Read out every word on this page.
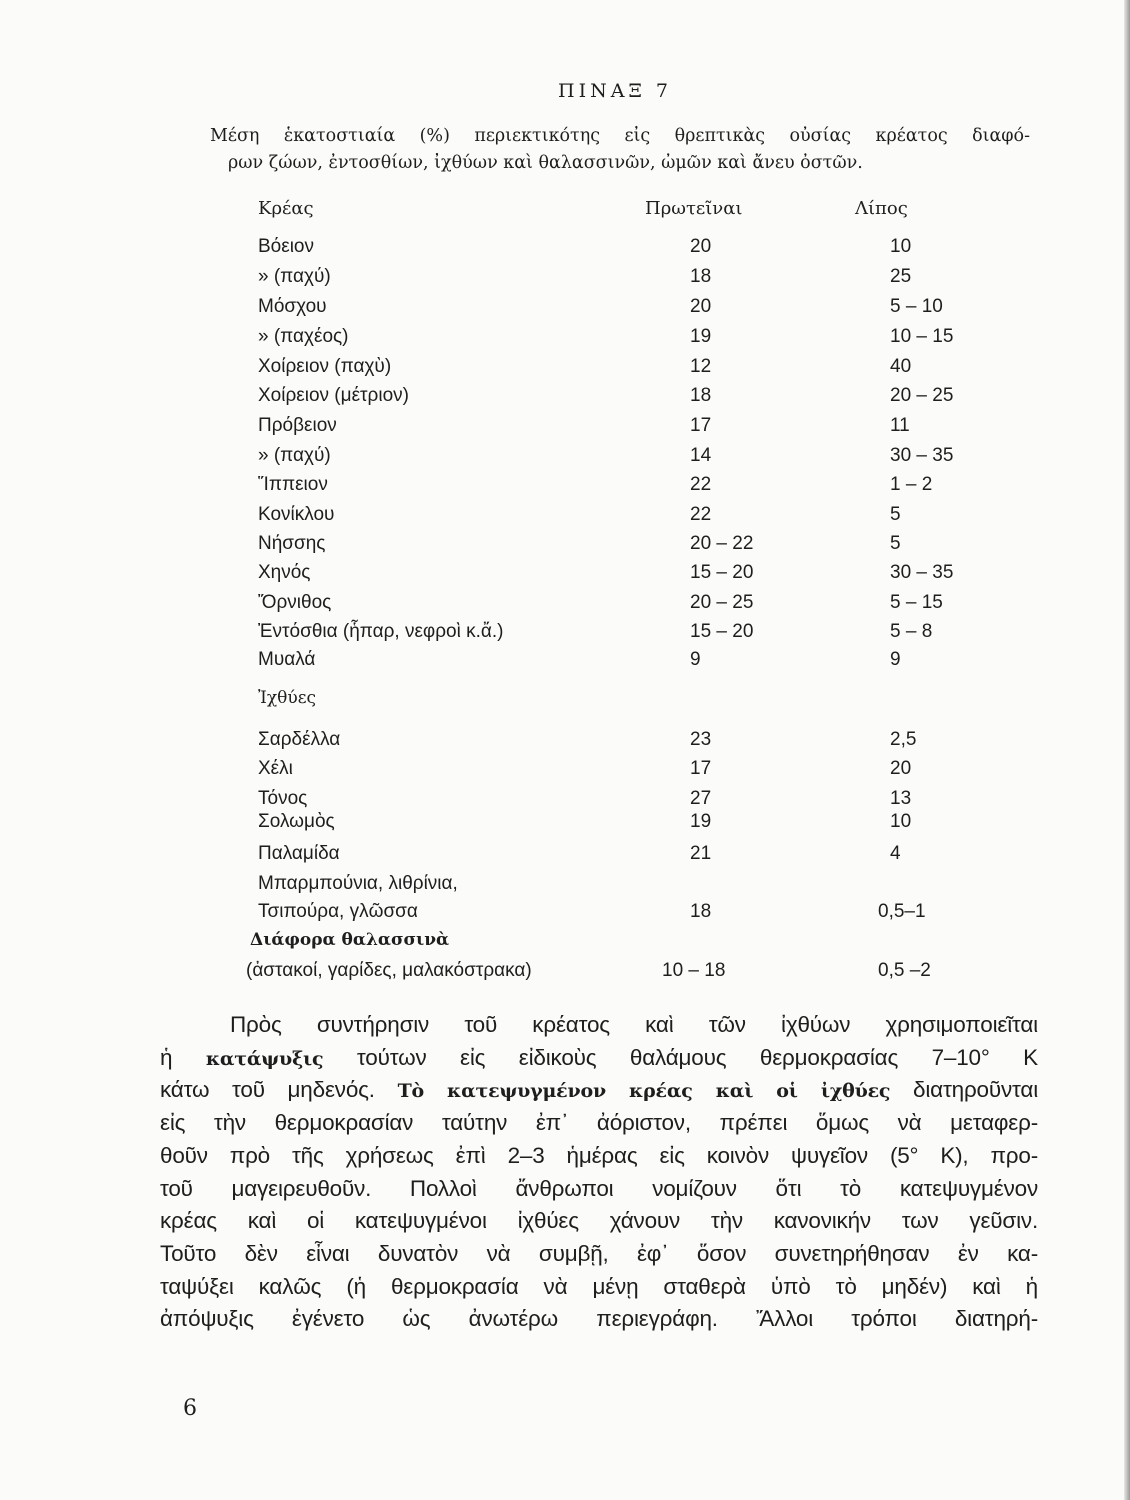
ΠΙΝΑΞ 7
Μέση ἑκατοστιαία (%) περιεκτικότης εἰς θρεπτικὰς οὐσίας κρέατος διαφό-
ρων ζώων, ἐντοσθίων, ἰχθύων καὶ θαλασσινῶν, ὠμῶν καὶ ἄνευ ὀστῶν.
Κρέας	Πρωτεῖναι	Λίπος
Βόειον	20	10
» (παχύ)	18	25
Μόσχου	20	5 – 10
» (παχέος)	19	10 – 15
Χοίρειον (παχὺ)	12	40
Χοίρειον (μέτριον)	18	20 – 25
Πρόβειον	17	11
» (παχύ)	14	30 – 35
Ἵππειον	22	1 – 2
Κονίκλου	22	5
Νήσσης	20 – 22	5
Χηνός	15 – 20	30 – 35
Ὄρνιθος	20 – 25	5 – 15
Ἐντόσθια (ἧπαρ, νεφροὶ κ.ἄ.)	15 – 20	5 – 8
Μυαλά	9	9
Ἰχθύες
Σαρδέλλα	23	2,5
Χέλι	17	20
Τόνος	27	13
Σολωμὸς	19	10
Παλαμίδα	21	4
Μπαρμπούνια, λιθρίνια,
Τσιπούρα, γλῶσσα	18	0,5–1
Διάφορα θαλασσινὰ
(ἀστακοί, γαρίδες, μαλακόστρακα)	10 – 18	0,5 –2
Πρὸς συντήρησιν τοῦ κρέατος καὶ τῶν ἰχθύων χρησιμοποιεῖται
ἡ κατάψυξις τούτων εἰς εἰδικοὺς θαλάμους θερμοκρασίας 7–10° Κ
κάτω τοῦ μηδενός. Τὸ κατεψυγμένον κρέας καὶ οἱ ἰχθύες διατηροῦνται
εἰς τὴν θερμοκρασίαν ταύτην ἐπ᾽ ἀόριστον, πρέπει ὅμως νὰ μεταφερ-
θοῦν πρὸ τῆς χρήσεως ἐπὶ 2–3 ἡμέρας εἰς κοινὸν ψυγεῖον (5° Κ), προ-
τοῦ μαγειρευθοῦν. Πολλοὶ ἄνθρωποι νομίζουν ὅτι τὸ κατεψυγμένον
κρέας καὶ οἱ κατεψυγμένοι ἰχθύες χάνουν τὴν κανονικήν των γεῦσιν.
Τοῦτο δὲν εἶναι δυνατὸν νὰ συμβῇ, ἐφ᾽ ὅσον συνετηρήθησαν ἐν κα-
ταψύξει καλῶς (ἡ θερμοκρασία νὰ μένῃ σταθερὰ ὑπὸ τὸ μηδέν) καὶ ἡ
ἀπόψυξις ἐγένετο ὡς ἀνωτέρω περιεγράφη. Ἄλλοι τρόποι διατηρή-
6
